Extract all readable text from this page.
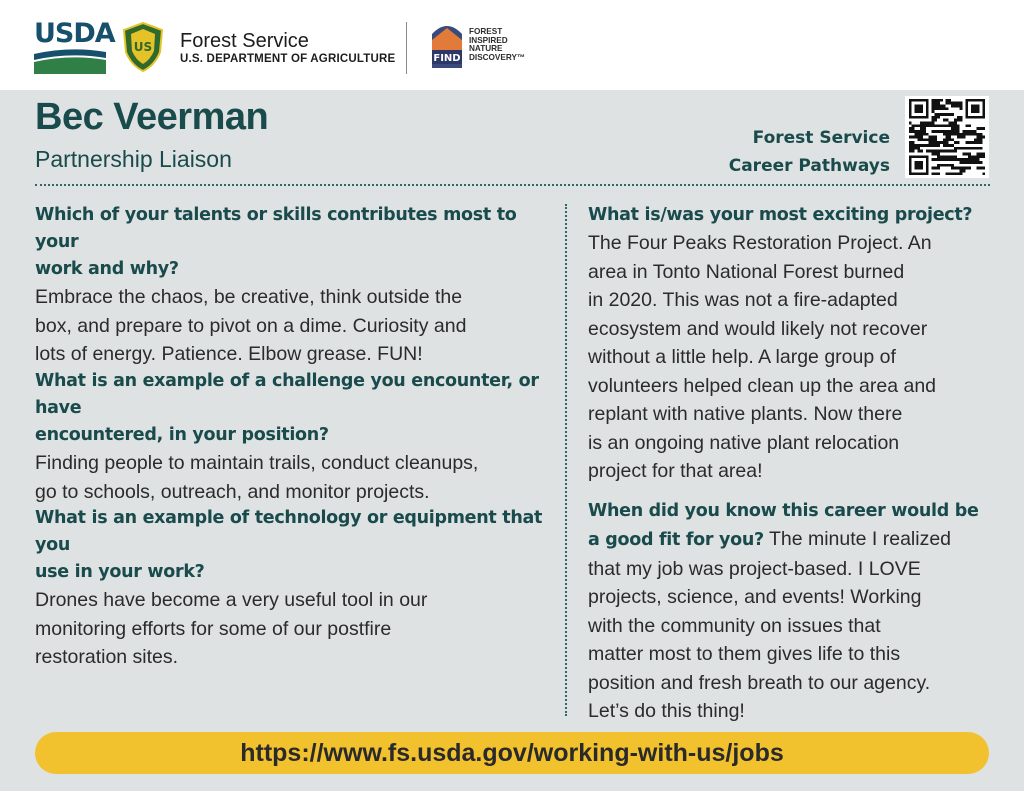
USDA US Forest Service
U.S. DEPARTMENT OF AGRICULTURE	FIND
FOREST
INSPIRED
NATURE
DISCOVERY™
Bec Veerman
Partnership Liaison
Forest Service
Career Pathways
Which of your talents or skills contributes most to your
work and why?
Embrace the chaos, be creative, think outside the
box, and prepare to pivot on a dime. Curiosity and
lots of energy. Patience. Elbow grease. FUN!
What is an example of a challenge you encounter, or have
encountered, in your position?
Finding people to maintain trails, conduct cleanups,
go to schools, outreach, and monitor projects.
What is an example of technology or equipment that you
use in your work?
Drones have become a very useful tool in our
monitoring efforts for some of our postfire
restoration sites.
What is/was your most exciting project?
The Four Peaks Restoration Project. An
area in Tonto National Forest burned
in 2020. This was not a fire-adapted
ecosystem and would likely not recover
without a little help. A large group of
volunteers helped clean up the area and
replant with native plants. Now there
is an ongoing native plant relocation
project for that area!
When did you know this career would be
a good fit for you? The minute I realized
that my job was project-based. I LOVE
projects, science, and events! Working
with the community on issues that
matter most to them gives life to this
position and fresh breath to our agency.
Let’s do this thing!
https://www.fs.usda.gov/working-with-us/jobs
